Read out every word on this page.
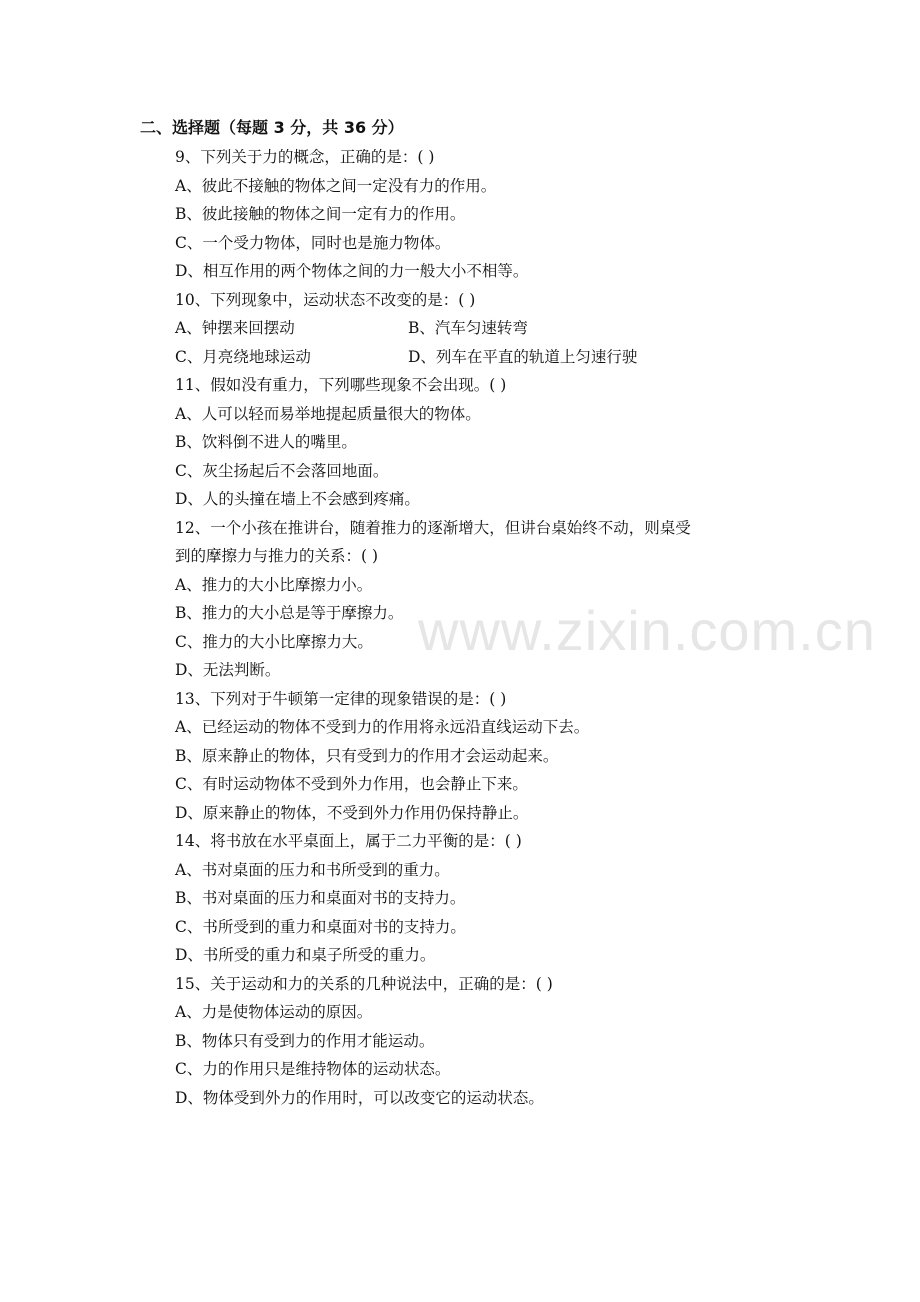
二、选择题（每题 3 分，共 36 分）
9、下列关于力的概念，正确的是：( )
A、彼此不接触的物体之间一定没有力的作用。
B、彼此接触的物体之间一定有力的作用。
C、一个受力物体，同时也是施力物体。
D、相互作用的两个物体之间的力一般大小不相等。
10、下列现象中，运动状态不改变的是：( )
A、钟摆来回摆动	B、汽车匀速转弯
C、月亮绕地球运动	D、列车在平直的轨道上匀速行驶
11、假如没有重力，下列哪些现象不会出现。( )
A、人可以轻而易举地提起质量很大的物体。
B、饮料倒不进人的嘴里。
C、灰尘扬起后不会落回地面。
D、人的头撞在墙上不会感到疼痛。
12、一个小孩在推讲台，随着推力的逐渐增大，但讲台桌始终不动，则桌受
到的摩擦力与推力的关系：( )
A、推力的大小比摩擦力小。
B、推力的大小总是等于摩擦力。
C、推力的大小比摩擦力大。
D、无法判断。
13、下列对于牛顿第一定律的现象错误的是：( )
A、已经运动的物体不受到力的作用将永远沿直线运动下去。
B、原来静止的物体，只有受到力的作用才会运动起来。
C、有时运动物体不受到外力作用，也会静止下来。
D、原来静止的物体，不受到外力作用仍保持静止。
14、将书放在水平桌面上，属于二力平衡的是：( )
A、书对桌面的压力和书所受到的重力。
B、书对桌面的压力和桌面对书的支持力。
C、书所受到的重力和桌面对书的支持力。
D、书所受的重力和桌子所受的重力。
15、关于运动和力的关系的几种说法中，正确的是：( )
A、力是使物体运动的原因。
B、物体只有受到力的作用才能运动。
C、力的作用只是维持物体的运动状态。
D、物体受到外力的作用时，可以改变它的运动状态。
www.zixin.com.cn
